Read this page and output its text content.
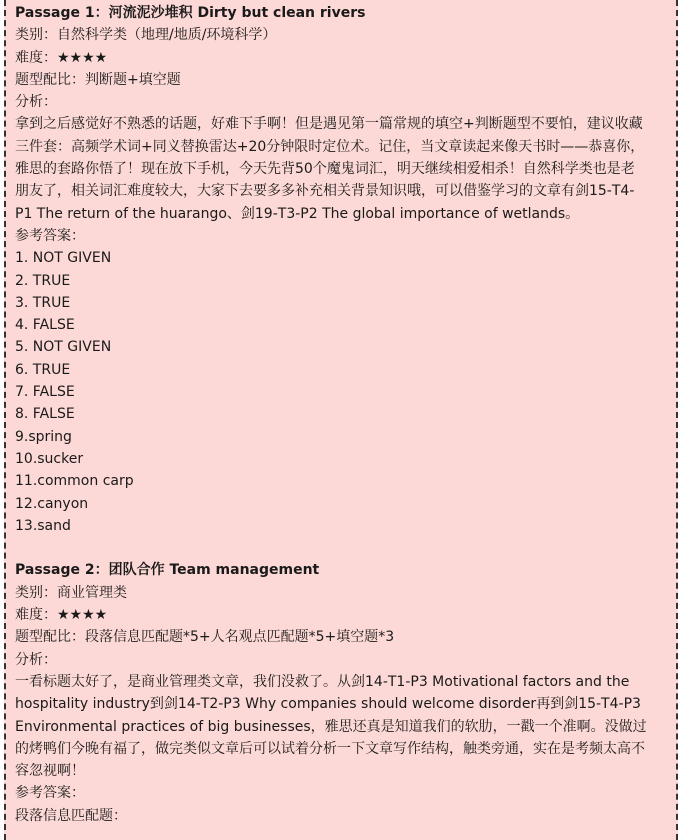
Passage 1：河流泥沙堆积 Dirty but clean rivers
类别：自然科学类（地理/地质/环境科学）
难度：★★★★
题型配比：判断题+填空题
分析：
拿到之后感觉好不熟悉的话题，好难下手啊！但是遇见第一篇常规的填空+判断题型不要怕，建议收藏
三件套：高频学术词+同义替换雷达+20分钟限时定位术。记住，当文章读起来像天书时——恭喜你，
雅思的套路你悟了！现在放下手机，今天先背50个魔鬼词汇，明天继续相爱相杀！自然科学类也是老
朋友了，相关词汇难度较大，大家下去要多多补充相关背景知识哦，可以借鉴学习的文章有剑15-T4-
P1 The return of the huarango、剑19-T3-P2 The global importance of wetlands。
参考答案：
1. NOT GIVEN
2. TRUE
3. TRUE
4. FALSE
5. NOT GIVEN
6. TRUE
7. FALSE
8. FALSE
9.spring
10.sucker
11.common carp
12.canyon
13.sand
Passage 2：团队合作 Team management
类别：商业管理类
难度：★★★★
题型配比：段落信息匹配题*5+人名观点匹配题*5+填空题*3
分析：
一看标题太好了，是商业管理类文章，我们没救了。从剑14-T1-P3 Motivational factors and the
hospitality industry到剑14-T2-P3 Why companies should welcome disorder再到剑15-T4-P3
Environmental practices of big businesses，雅思还真是知道我们的软肋，一戳一个准啊。没做过
的烤鸭们今晚有福了，做完类似文章后可以试着分析一下文章写作结构，触类旁通，实在是考频太高不
容忽视啊！
参考答案：
段落信息匹配题：
